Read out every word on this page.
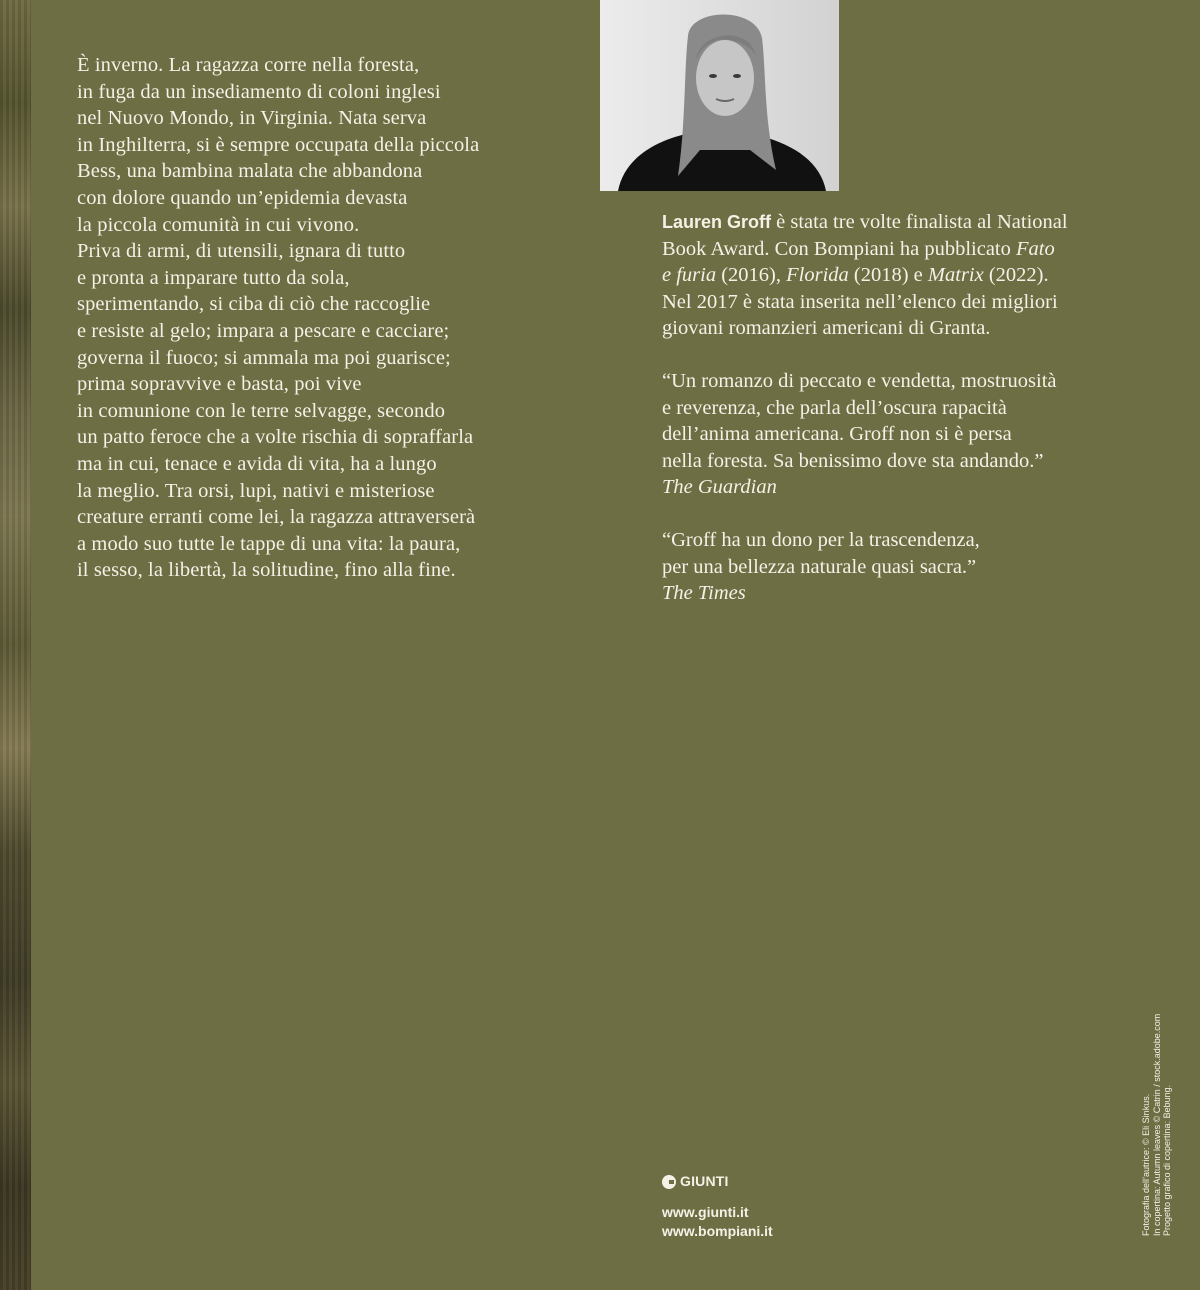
È inverno. La ragazza corre nella foresta,
in fuga da un insediamento di coloni inglesi
nel Nuovo Mondo, in Virginia. Nata serva
in Inghilterra, si è sempre occupata della piccola
Bess, una bambina malata che abbandona
con dolore quando un’epidemia devasta
la piccola comunità in cui vivono.
Priva di armi, di utensili, ignara di tutto
e pronta a imparare tutto da sola,
sperimentando, si ciba di ciò che raccoglie
e resiste al gelo; impara a pescare e cacciare;
governa il fuoco; si ammala ma poi guarisce;
prima sopravvive e basta, poi vive
in comunione con le terre selvagge, secondo
un patto feroce che a volte rischia di sopraffarla
ma in cui, tenace e avida di vita, ha a lungo
la meglio. Tra orsi, lupi, nativi e misteriose
creature erranti come lei, la ragazza attraverserà
a modo suo tutte le tappe di una vita: la paura,
il sesso, la libertà, la solitudine, fino alla fine.
Lauren Groff è stata tre volte finalista al National
Book Award. Con Bompiani ha pubblicato Fato
e furia (2016), Florida (2018) e Matrix (2022).
Nel 2017 è stata inserita nell’elenco dei migliori
giovani romanzieri americani di Granta.
“Un romanzo di peccato e vendetta, mostruosità
e reverenza, che parla dell’oscura rapacità
dell’anima americana. Groff non si è persa
nella foresta. Sa benissimo dove sta andando.”
The Guardian
“Groff ha un dono per la trascendenza,
per una bellezza naturale quasi sacra.”
The Times
GIUNTI
www.giunti.it
www.bompiani.it	Fotografia dell’autrice: © Eli Sinkus. In copertina: Autumn leaves © Catrin / stock.adobe.com Progetto grafico di copertina: Bebung.
